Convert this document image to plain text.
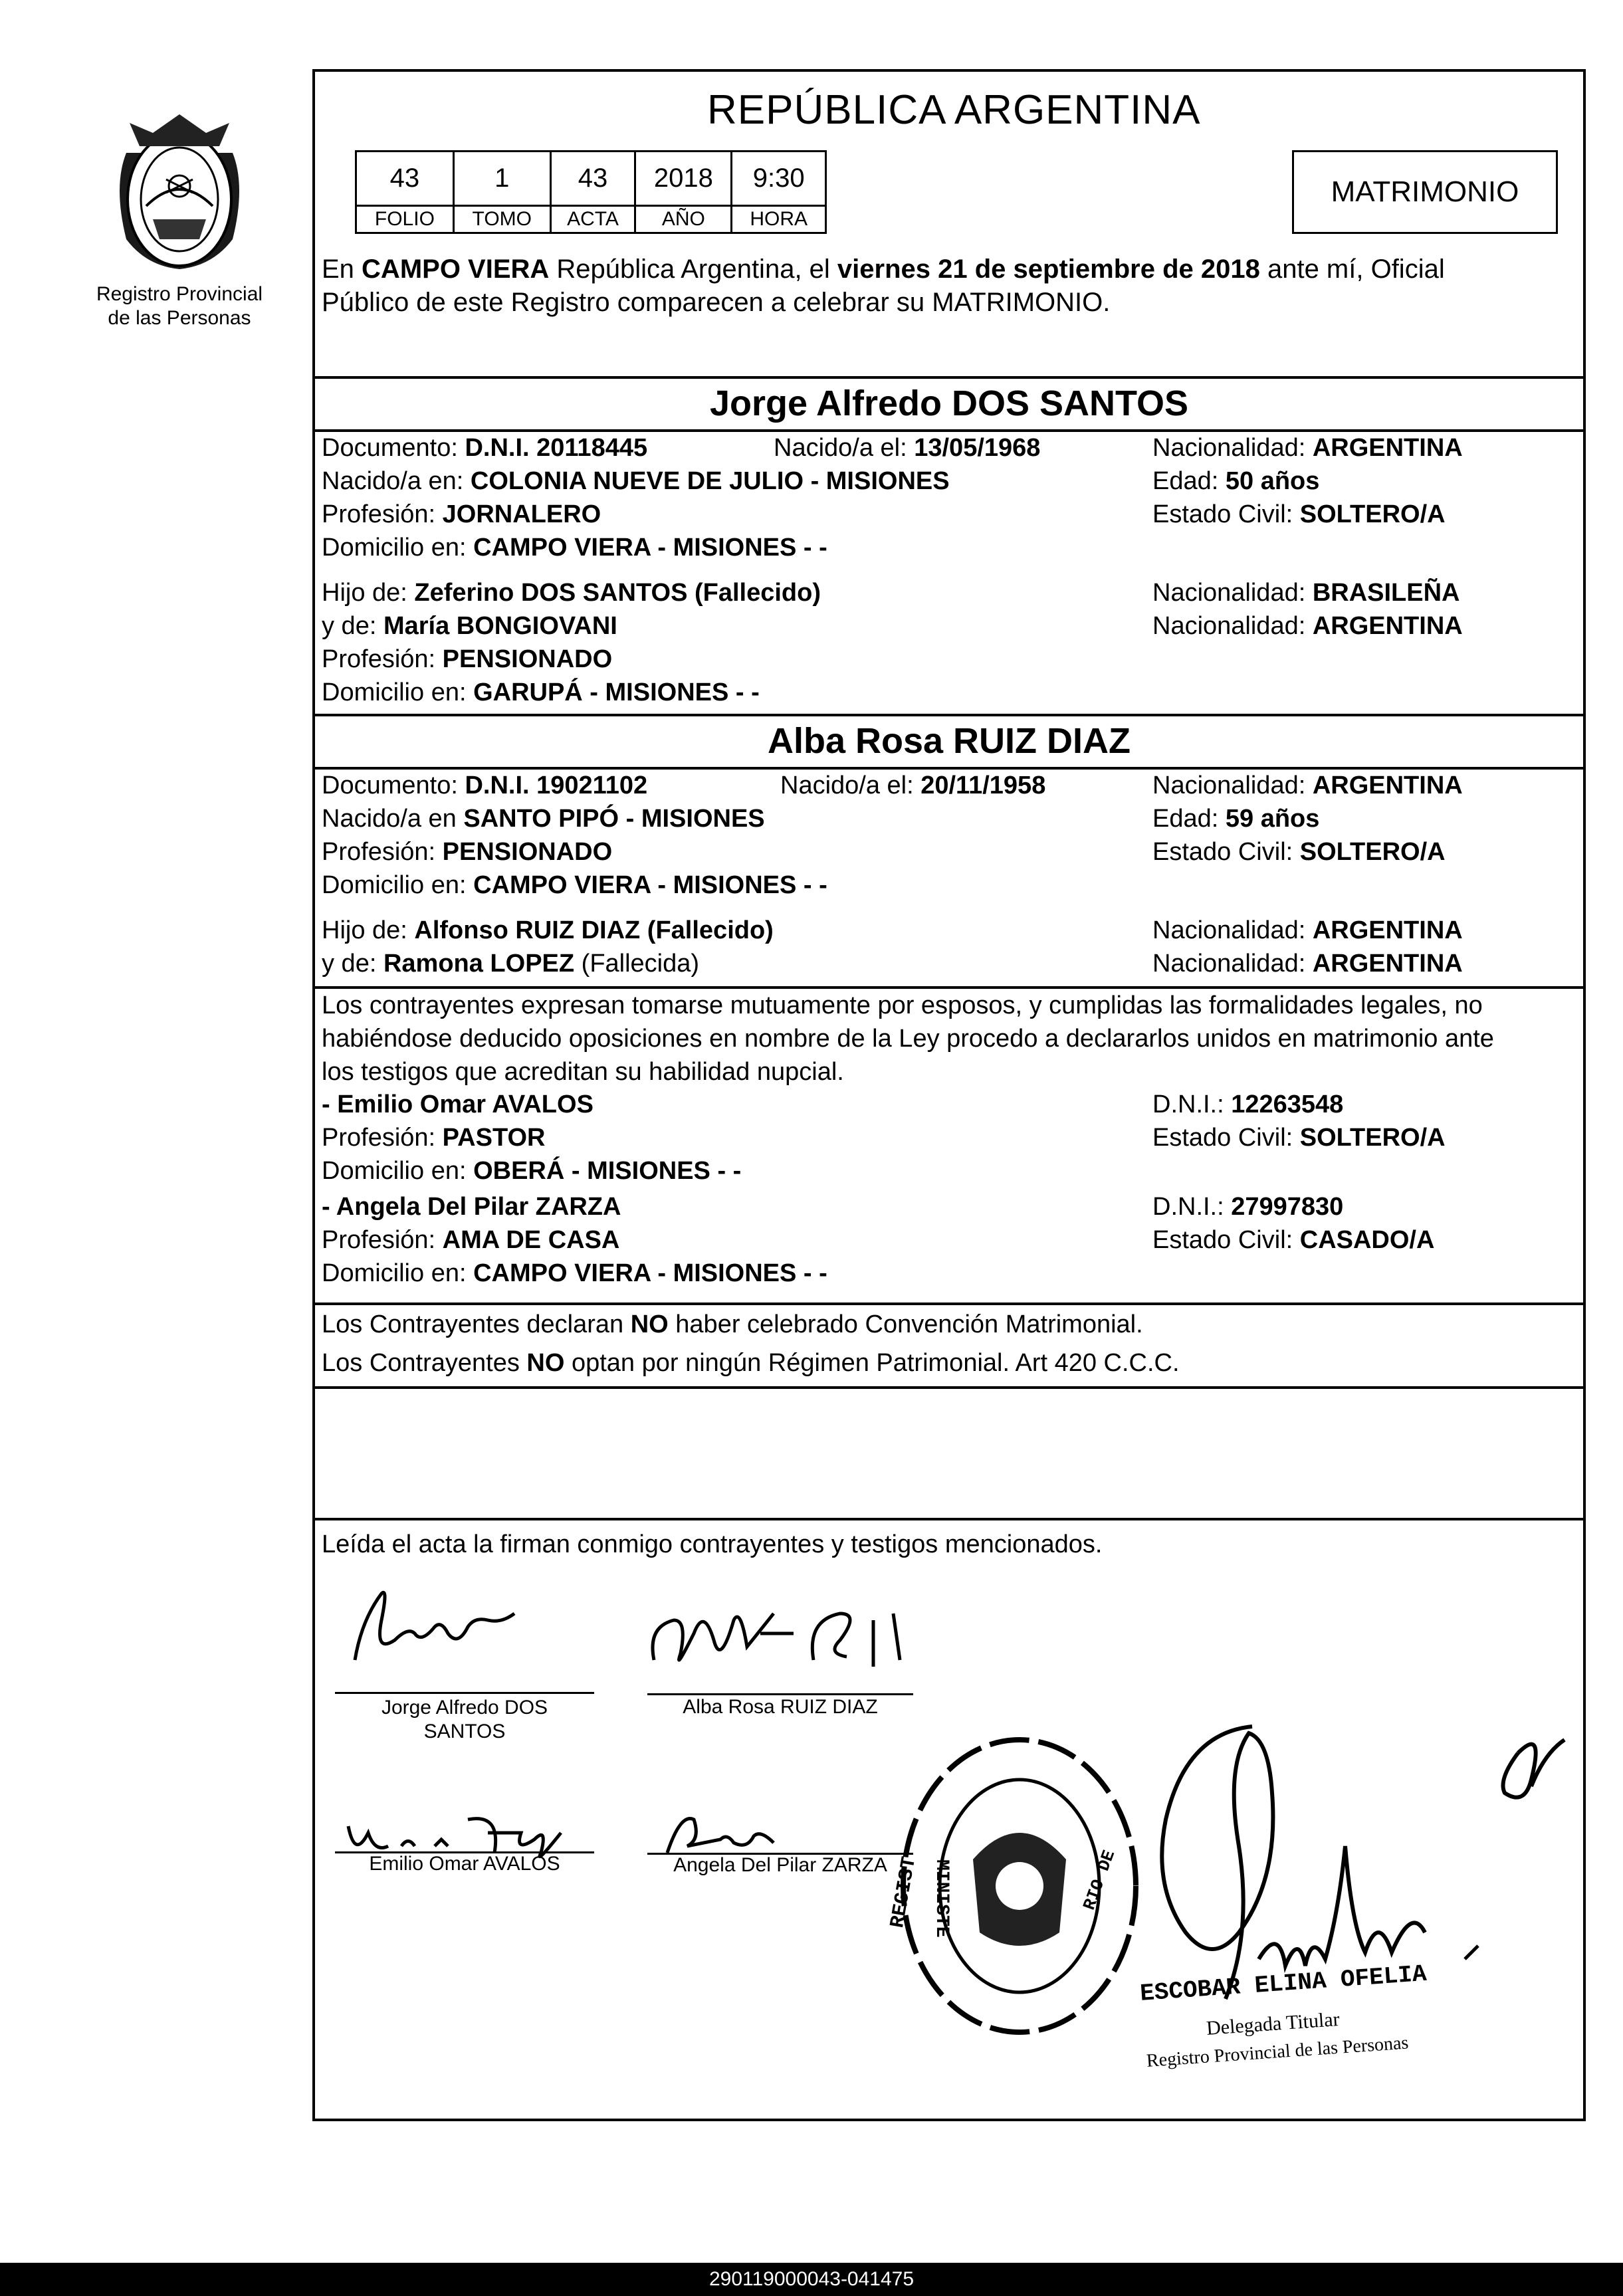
Registro Provincial
de las Personas
REPÚBLICA ARGENTINA
43	1	43	2018	9:30
FOLIO	TOMO	ACTA	AÑO	HORA
MATRIMONIO
En CAMPO VIERA República Argentina, el viernes 21 de septiembre de 2018 ante mí, Oficial
Público de este Registro comparecen a celebrar su MATRIMONIO.
Jorge Alfredo DOS SANTOS
Documento: D.N.I. 20118445	Nacido/a el: 13/05/1968	Nacionalidad: ARGENTINA
Nacido/a en: COLONIA NUEVE DE JULIO - MISIONES	Edad: 50 años
Profesión: JORNALERO	Estado Civil: SOLTERO/A
Domicilio en: CAMPO VIERA - MISIONES - -
Hijo de: Zeferino DOS SANTOS (Fallecido)	Nacionalidad: BRASILEÑA
y de: María BONGIOVANI	Nacionalidad: ARGENTINA
Profesión: PENSIONADO
Domicilio en: GARUPÁ - MISIONES - -
Alba Rosa RUIZ DIAZ
Documento: D.N.I. 19021102	Nacido/a el: 20/11/1958	Nacionalidad: ARGENTINA
Nacido/a en SANTO PIPÓ - MISIONES	Edad: 59 años
Profesión: PENSIONADO	Estado Civil: SOLTERO/A
Domicilio en: CAMPO VIERA - MISIONES - -
Hijo de: Alfonso RUIZ DIAZ (Fallecido)	Nacionalidad: ARGENTINA
y de: Ramona LOPEZ (Fallecida)	Nacionalidad: ARGENTINA
Los contrayentes expresan tomarse mutuamente por esposos, y cumplidas las formalidades legales, no
habiéndose deducido oposiciones en nombre de la Ley procedo a declararlos unidos en matrimonio ante
los testigos que acreditan su habilidad nupcial.
- Emilio Omar AVALOS	D.N.I.: 12263548
Profesión: PASTOR	Estado Civil: SOLTERO/A
Domicilio en: OBERÁ - MISIONES - -
- Angela Del Pilar ZARZA	D.N.I.: 27997830
Profesión: AMA DE CASA	Estado Civil: CASADO/A
Domicilio en: CAMPO VIERA - MISIONES - -
Los Contrayentes declaran NO haber celebrado Convención Matrimonial.
Los Contrayentes NO optan por ningún Régimen Patrimonial. Art 420 C.C.C.
Leída el acta la firman conmigo contrayentes y testigos mencionados.
Jorge Alfredo DOS
SANTOS
Alba Rosa RUIZ DIAZ
Emilio Omar AVALOS	Angela Del Pilar ZARZA REGIST MINISTE	RIO DE
ESCOBAR ELINA OFELIA
Delegada Titular
Registro Provincial de las Personas
290119000043-041475
